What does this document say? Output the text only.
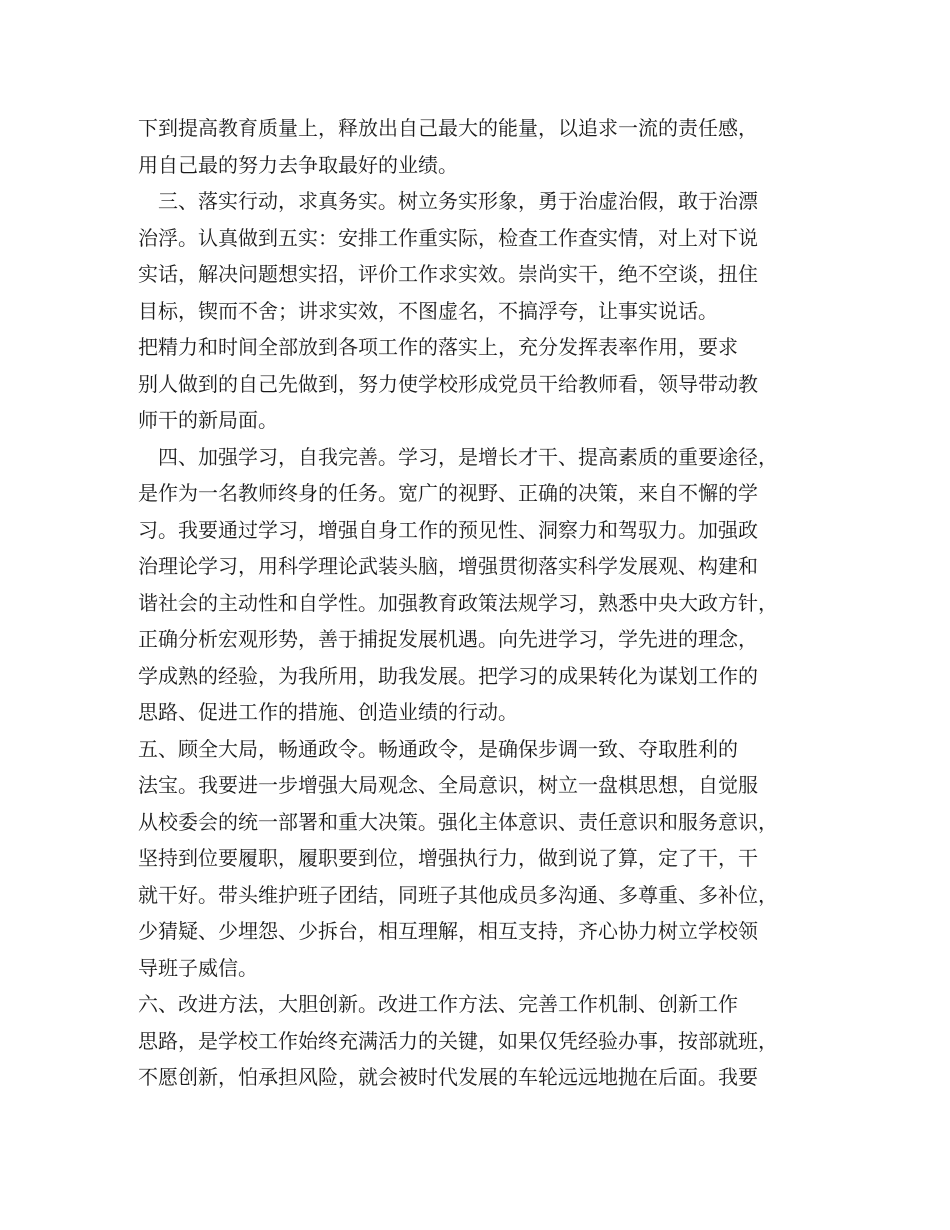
下到提高教育质量上，释放出自己最大的能量，以追求一流的责任感，
用自己最的努力去争取最好的业绩。
　三、落实行动，求真务实。树立务实形象，勇于治虚治假，敢于治漂
治浮。认真做到五实：安排工作重实际，检查工作查实情，对上对下说
实话，解决问题想实招，评价工作求实效。崇尚实干，绝不空谈，扭住
目标，锲而不舍；讲求实效，不图虚名，不搞浮夸，让事实说话。
把精力和时间全部放到各项工作的落实上，充分发挥表率作用，要求
别人做到的自己先做到，努力使学校形成党员干给教师看，领导带动教
师干的新局面。
　四、加强学习，自我完善。学习，是增长才干、提高素质的重要途径，
是作为一名教师终身的任务。宽广的视野、正确的决策，来自不懈的学
习。我要通过学习，增强自身工作的预见性、洞察力和驾驭力。加强政
治理论学习，用科学理论武装头脑，增强贯彻落实科学发展观、构建和
谐社会的主动性和自学性。加强教育政策法规学习，熟悉中央大政方针，
正确分析宏观形势，善于捕捉发展机遇。向先进学习，学先进的理念，
学成熟的经验，为我所用，助我发展。把学习的成果转化为谋划工作的
思路、促进工作的措施、创造业绩的行动。
五、顾全大局，畅通政令。畅通政令，是确保步调一致、夺取胜利的
法宝。我要进一步增强大局观念、全局意识，树立一盘棋思想，自觉服
从校委会的统一部署和重大决策。强化主体意识、责任意识和服务意识，
坚持到位要履职，履职要到位，增强执行力，做到说了算，定了干，干
就干好。带头维护班子团结，同班子其他成员多沟通、多尊重、多补位，
少猜疑、少埋怨、少拆台，相互理解，相互支持，齐心协力树立学校领
导班子威信。
六、改进方法，大胆创新。改进工作方法、完善工作机制、创新工作
思路，是学校工作始终充满活力的关键，如果仅凭经验办事，按部就班，
不愿创新，怕承担风险，就会被时代发展的车轮远远地抛在后面。我要
